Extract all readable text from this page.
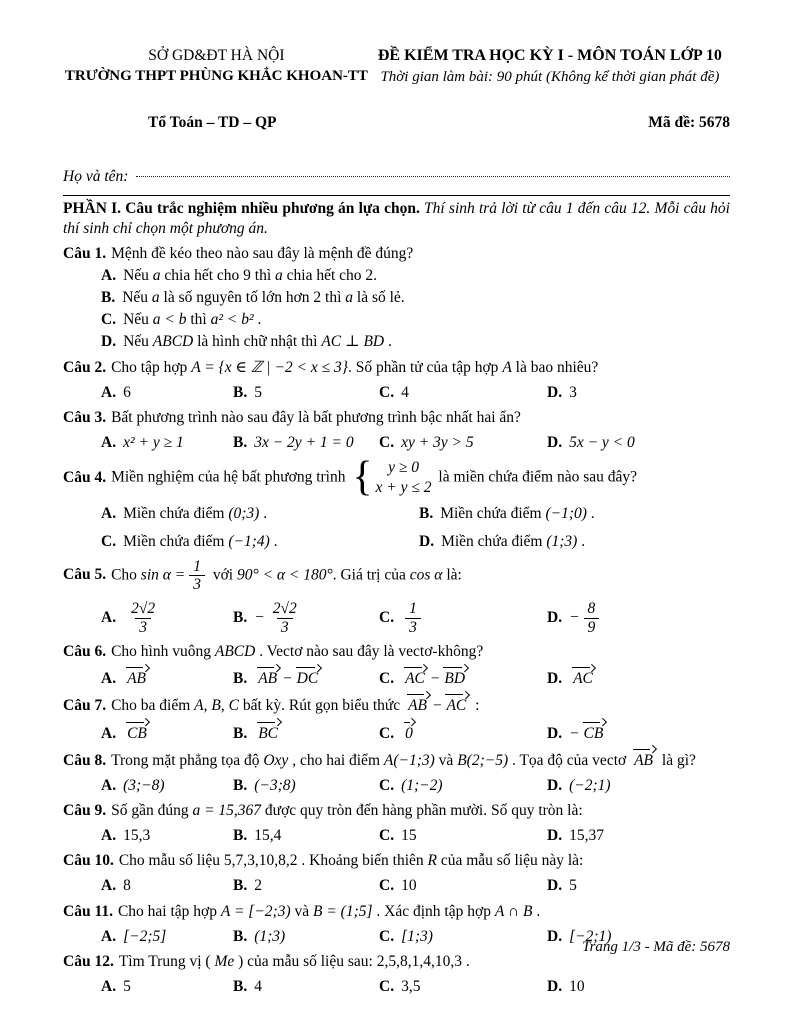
SỞ GD&ĐT HÀ NỘI
TRƯỜNG THPT PHÙNG KHẮC KHOAN-TT
ĐỀ KIỂM TRA HỌC KỲ I - MÔN TOÁN LỚP 10
Thời gian làm bài: 90 phút (Không kể thời gian phát đề)
Tổ Toán – TD – QP	Mã đề: 5678
Họ và tên:

PHẦN I. Câu trắc nghiệm nhiều phương án lựa chọn. Thí sinh trả lời từ câu 1 đến câu 12. Mỗi câu hỏi thí sinh chỉ chọn một phương án.

Câu 1. Mệnh đề kéo theo nào sau đây là mệnh đề đúng?
A. Nếu a chia hết cho 9 thì a chia hết cho 2.
B. Nếu a là số nguyên tố lớn hơn 2 thì a là số lẻ.
C. Nếu a < b thì a² < b² .
D. Nếu ABCD là hình chữ nhật thì AC ⊥ BD .
Câu 2. Cho tập hợp A = {x ∈ ℤ | −2 < x ≤ 3}. Số phần tử của tập hợp A là bao nhiêu?
A. 6	B. 5	C. 4	D. 3
Câu 3. Bất phương trình nào sau đây là bất phương trình bậc nhất hai ẩn?
A. x² + y ≥ 1	B. 3x − 2y + 1 = 0	C. xy + 3y > 5	D. 5x − y < 0
Câu 4. Miền nghiệm của hệ bất phương trình { y ≥ 0
x + y ≤ 2
là miền chứa điểm nào sau đây?
A. Miền chứa điểm (0;3) .	B. Miền chứa điểm (−1;0) .
C. Miền chứa điểm (−1;4) .	D. Miền chứa điểm (1;3) .
Câu 5. Cho $\sin \alpha = \frac{1}{3}$ với 90° < α < 180°. Giá trị của cos α là:
A. $\frac{2√2}{3}$	B. − $\frac{2√2}{3}$	C. $\frac{1}{3}$	D. − $\frac{8}{9}$
Câu 6. Cho hình vuông ABCD . Vectơ nào sau đây là vectơ-không?
A. AB	B. AB − DC	C. AC − BD	D. AC
Câu 7. Cho ba điểm A, B, C bất kỳ. Rút gọn biểu thức AB − AC :
A. CB	B. BC	C. 0	D. − CB
Câu 8. Trong mặt phẳng tọa độ Oxy , cho hai điểm A(−1;3) và B(2;−5) . Tọa độ của vectơ AB là gì?
A. (3;−8)	B. (−3;8)	C. (1;−2)	D. (−2;1)
Câu 9. Số gần đúng a = 15,367 được quy tròn đến hàng phần mười. Số quy tròn là:
A. 15,3	B. 15,4	C. 15	D. 15,37
Câu 10. Cho mẫu số liệu 5,7,3,10,8,2 . Khoảng biến thiên R của mẫu số liệu này là:
A. 8	B. 2	C. 10	D. 5
Câu 11. Cho hai tập hợp A = [−2;3) và B = (1;5] . Xác định tập hợp A ∩ B .
A. [−2;5]	B. (1;3)	C. [1;3)	D. [−2;1)
Câu 12. Tìm Trung vị ( Me ) của mẫu số liệu sau: 2,5,8,1,4,10,3 .
A. 5	B. 4	C. 3,5	D. 10
Trang 1/3 - Mã đề: 5678
